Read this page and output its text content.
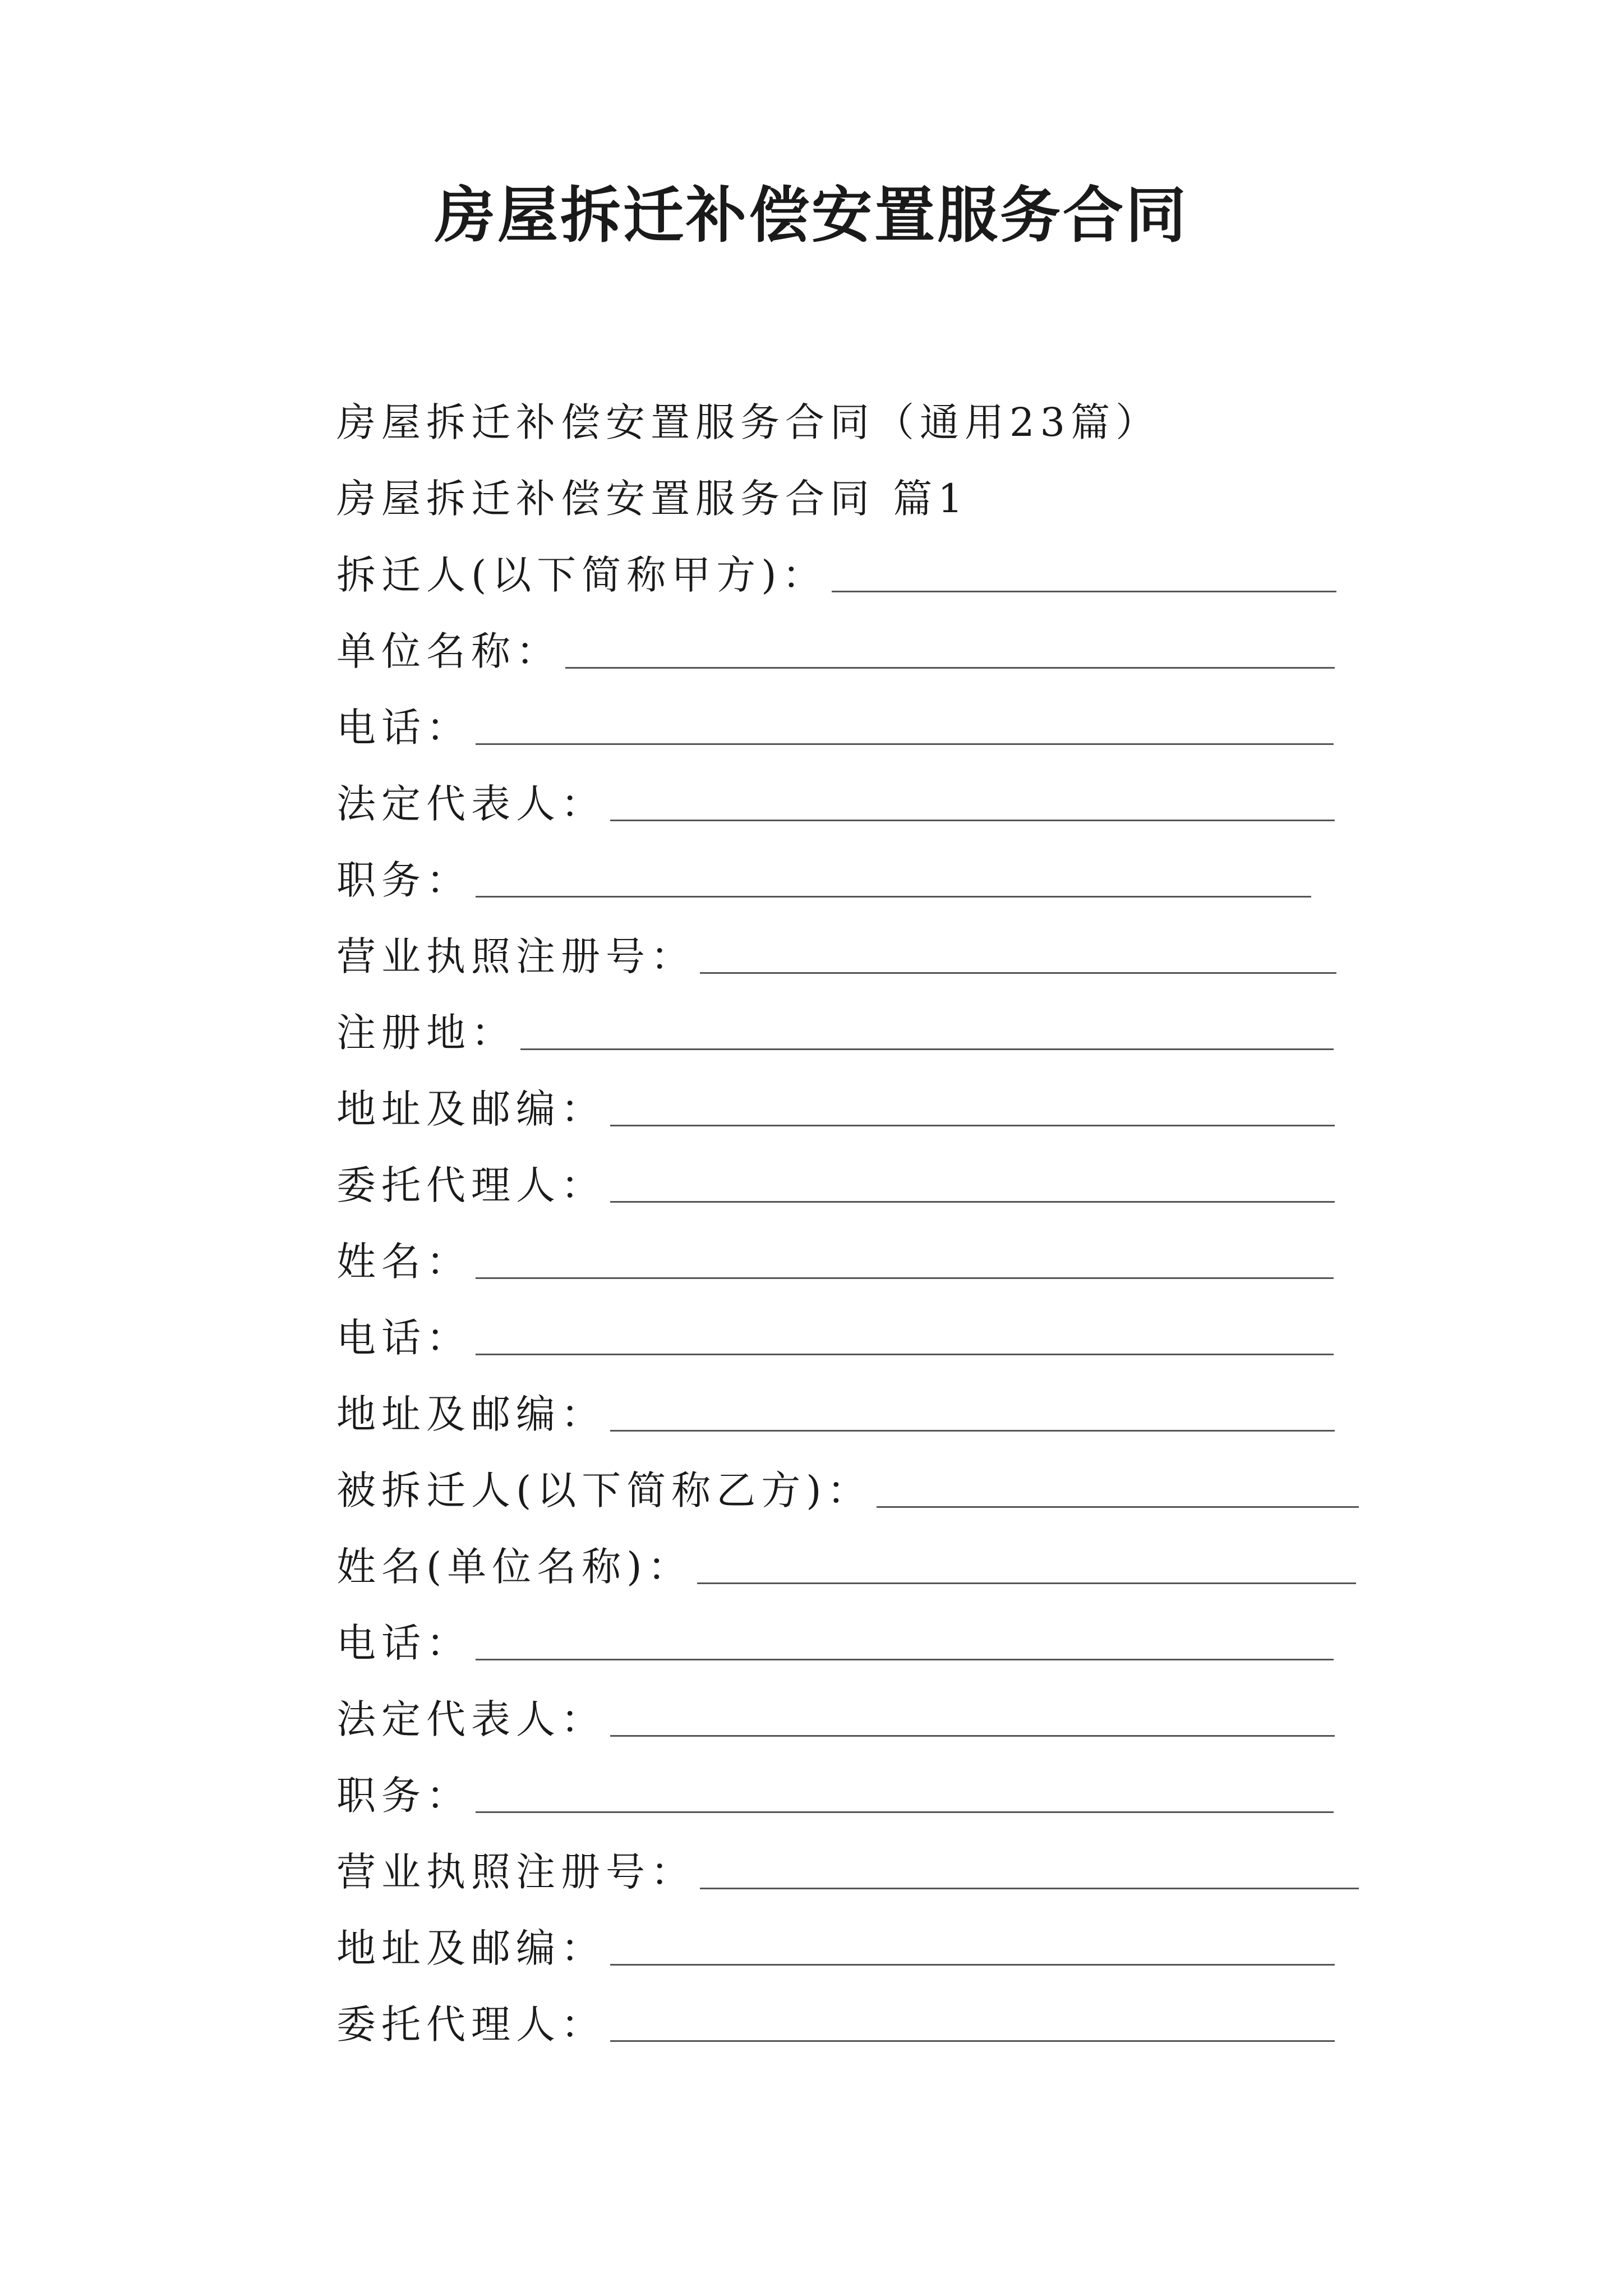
房屋拆迁补偿安置服务合同
房屋拆迁补偿安置服务合同（通用23篇）
房屋拆迁补偿安置服务合同 篇1
拆迁人(以下简称甲方)：
单位名称：
电话：
法定代表人：
职务：
营业执照注册号：
注册地：
地址及邮编：
委托代理人：
姓名：
电话：
地址及邮编：
被拆迁人(以下简称乙方)：
姓名(单位名称)：
电话：
法定代表人：
职务：
营业执照注册号：
地址及邮编：
委托代理人：
